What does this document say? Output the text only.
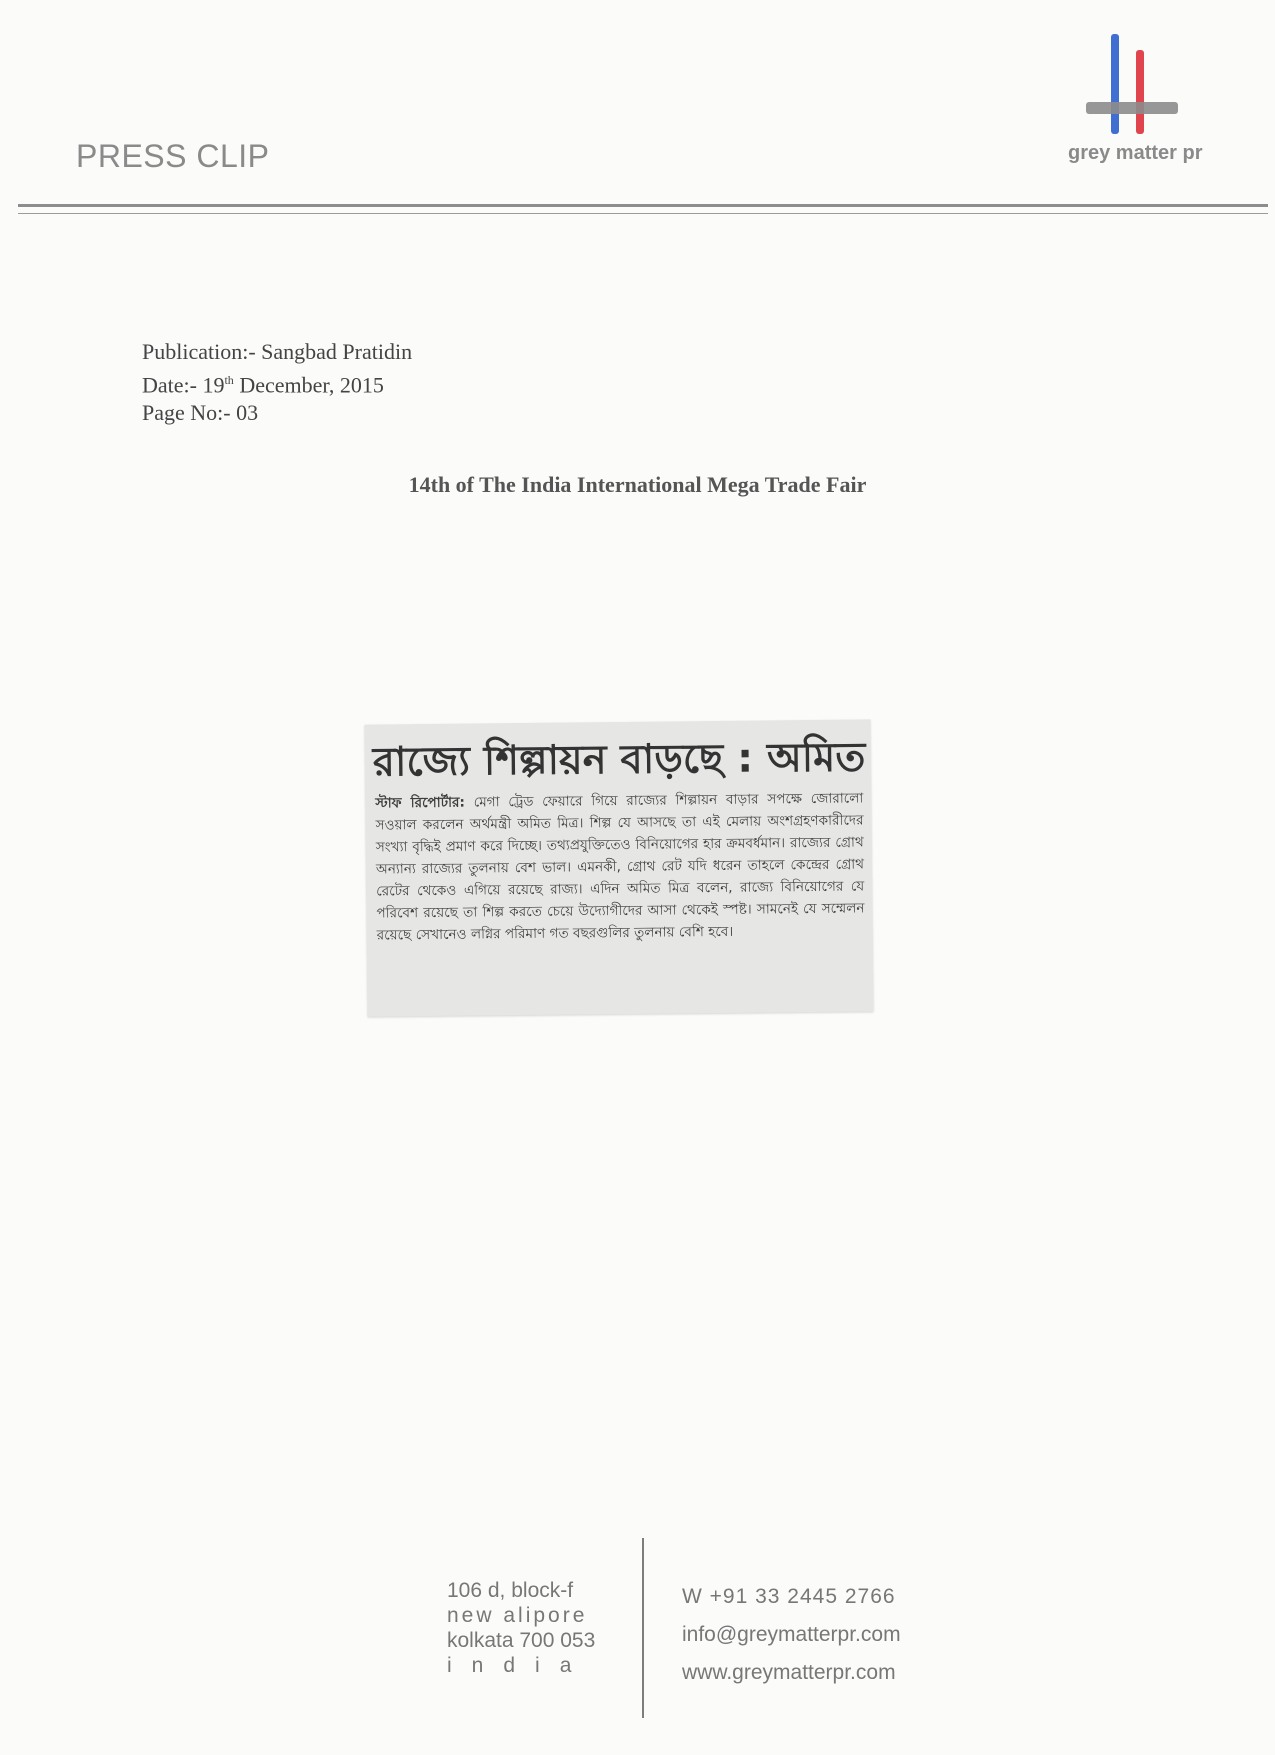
PRESS CLIP	grey matter pr
Publication:- Sangbad Pratidin
Date:- 19th December, 2015
Page No:- 03
14th of The India International Mega Trade Fair
রাজ্যে শিল্পায়ন বাড়ছে : অমিত
স্টাফ রিপোর্টার: মেগা ট্রেড ফেয়ারে গিয়ে রাজ্যের শিল্পায়ন বাড়ার সপক্ষে জোরালো সওয়াল করলেন অর্থমন্ত্রী অমিত মিত্র। শিল্প যে আসছে তা এই মেলায় অংশগ্রহণকারীদের সংখ্যা বৃদ্ধিই প্রমাণ করে দিচ্ছে। তথ্যপ্রযুক্তিতেও বিনিয়োগের হার ক্রমবর্ধমান। রাজ্যের গ্রোথ অন্যান্য রাজ্যের তুলনায় বেশ ভাল। এমনকী, গ্রোথ রেট যদি ধরেন তাহলে কেন্দ্রের গ্রোথ রেটের থেকেও এগিয়ে রয়েছে রাজ্য। এদিন অমিত মিত্র বলেন, রাজ্যে বিনিয়োগের যে পরিবেশ রয়েছে তা শিল্প করতে চেয়ে উদ্যোগীদের আসা থেকেই স্পষ্ট। সামনেই যে সম্মেলন রয়েছে সেখানেও লগ্নির পরিমাণ গত বছরগুলির তুলনায় বেশি হবে।
106 d, block-f
new alipore
kolkata 700 053
india
W +91 33 2445 2766
info@greymatterpr.com
www.greymatterpr.com
